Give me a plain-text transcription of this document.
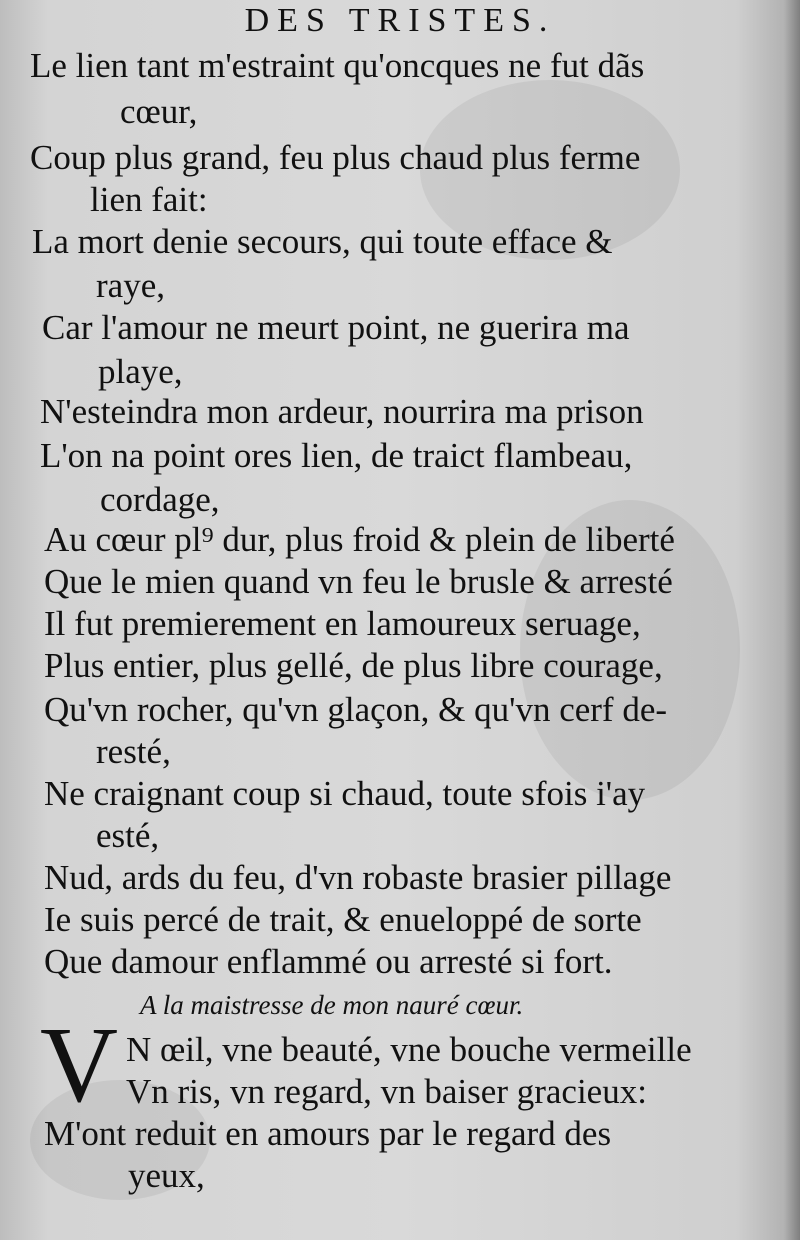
DES TRISTES.
Le lien tant m'estraint qu'oncques ne fut dãs
cœur,
Coup plus grand, feu plus chaud plus ferme
lien fait:
La mort denie secours, qui toute efface &
raye,
Car l'amour ne meurt point, ne guerira ma
playe,
N'esteindra mon ardeur, nourrira ma prison
L'on na point ores lien, de traict flambeau,
cordage,
Au cœur pl⁹ dur, plus froid & plein de liberté
Que le mien quand vn feu le brusle & arresté
Il fut premierement en lamoureux seruage,
Plus entier, plus gellé, de plus libre courage,
Qu'vn rocher, qu'vn glaçon, & qu'vn cerf de-
resté,
Ne craignant coup si chaud, toute sfois i'ay
esté,
Nud, ards du feu, d'vn robaste brasier pillage
Ie suis percé de trait, & enueloppé de sorte
Que damour enflammé ou arresté si fort.
A la maistresse de mon nauré cœur.
V N œil, vne beauté, vne bouche vermeille
Vn ris, vn regard, vn baiser gracieux:
M'ont reduit en amours par le regard des
yeux,
